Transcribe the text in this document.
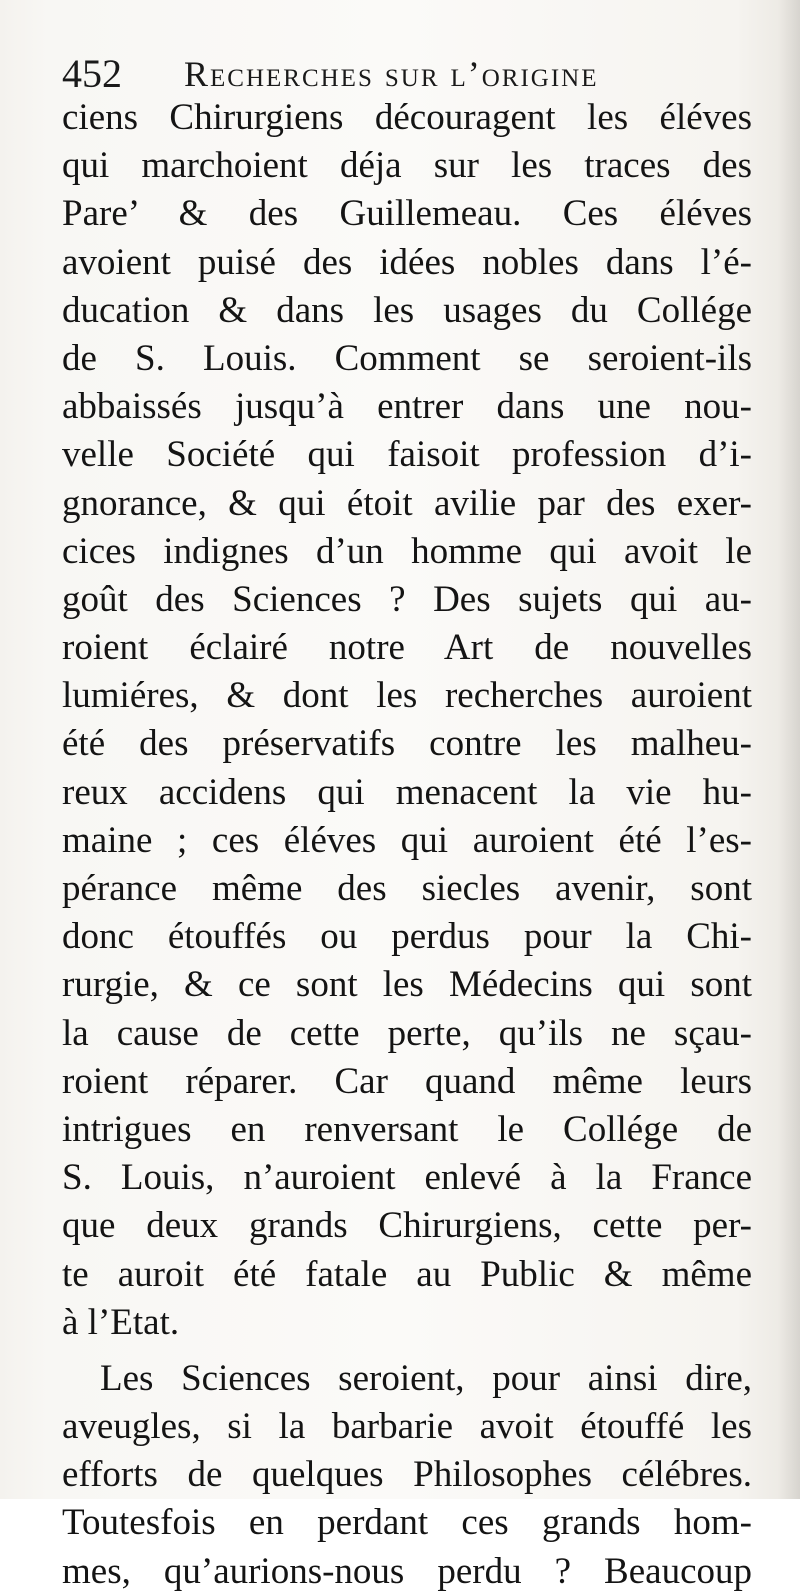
452 Recherches sur l’origine
ciens Chirurgiens découragent les éléves
qui marchoient déja sur les traces des
Pare’ & des Guillemeau. Ces éléves
avoient puisé des idées nobles dans l’é-
ducation & dans les usages du Collége
de S. Louis. Comment se seroient-ils
abbaissés jusqu’à entrer dans une nou-
velle Société qui faisoit profession d’i-
gnorance, & qui étoit avilie par des exer-
cices indignes d’un homme qui avoit le
goût des Sciences ? Des sujets qui au-
roient éclairé notre Art de nouvelles
lumiéres, & dont les recherches auroient
été des préservatifs contre les malheu-
reux accidens qui menacent la vie hu-
maine ; ces éléves qui auroient été l’es-
pérance même des siecles avenir, sont
donc étouffés ou perdus pour la Chi-
rurgie, & ce sont les Médecins qui sont
la cause de cette perte, qu’ils ne sçau-
roient réparer. Car quand même leurs
intrigues en renversant le Collége de
S. Louis, n’auroient enlevé à la France
que deux grands Chirurgiens, cette per-
te auroit été fatale au Public & même
à l’Etat.
Les Sciences seroient, pour ainsi dire,
aveugles, si la barbarie avoit étouffé les
efforts de quelques Philosophes célébres.
Toutesfois en perdant ces grands hom-
mes, qu’aurions-nous perdu ? Beaucoup
